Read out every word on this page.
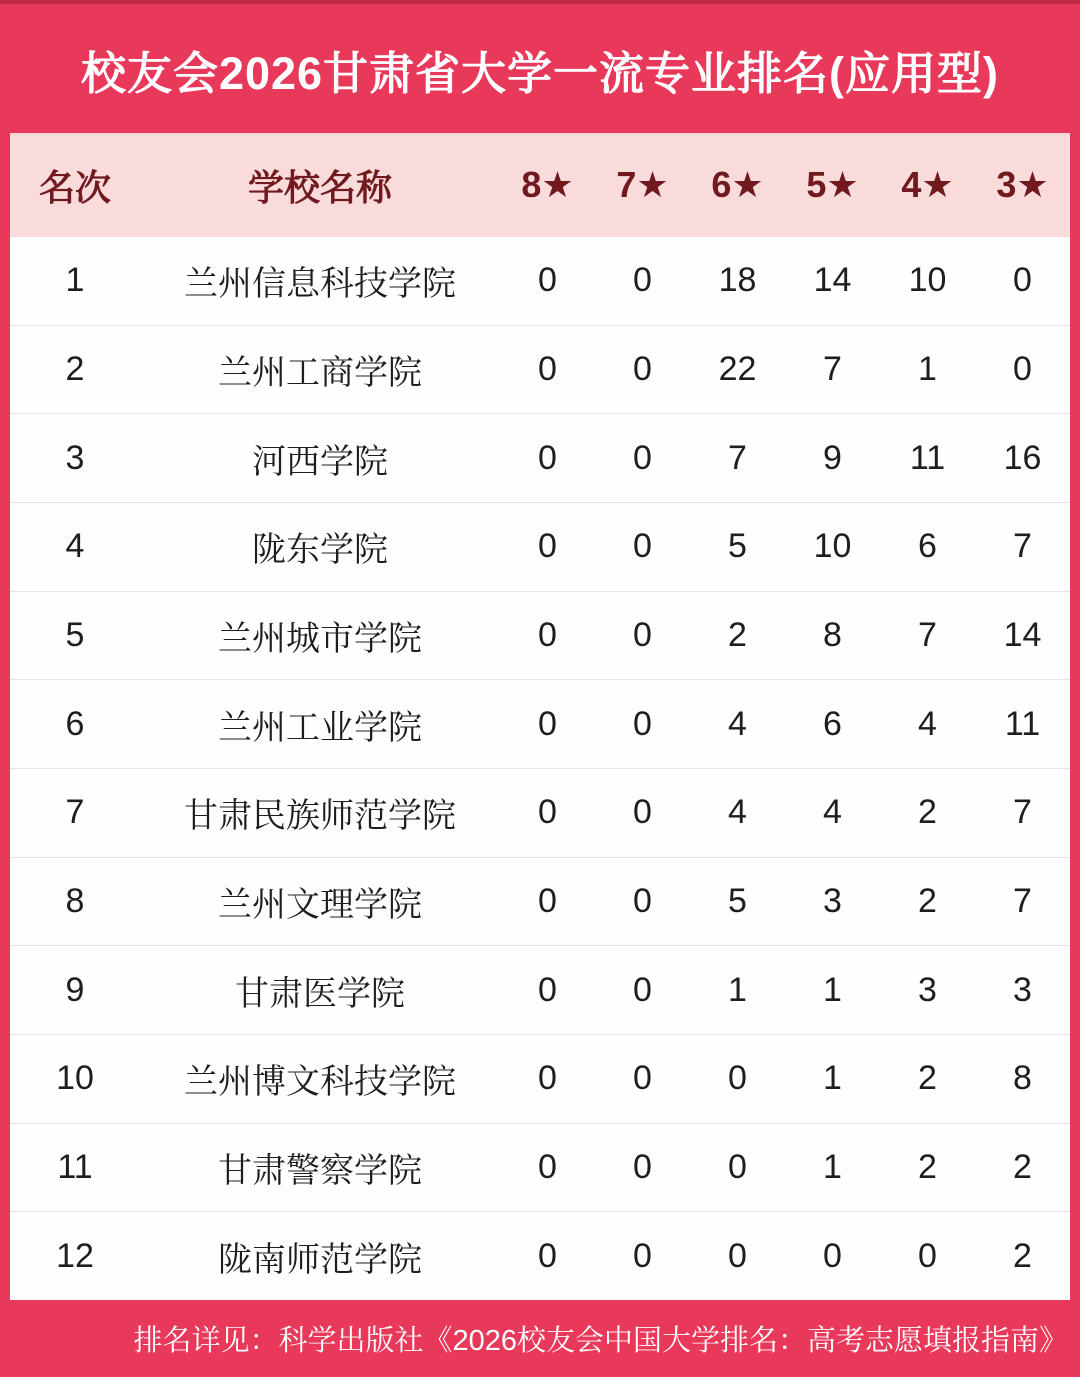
校友会2026甘肃省大学一流专业排名(应用型)
名次	学校名称	8★	7★	6★	5★	4★	3★
1	兰州信息科技学院	0	0	18	14	10	0
2	兰州工商学院	0	0	22	7	1	0
3	河西学院	0	0	7	9	11	16
4	陇东学院	0	0	5	10	6	7
5	兰州城市学院	0	0	2	8	7	14
6	兰州工业学院	0	0	4	6	4	11
7	甘肃民族师范学院	0	0	4	4	2	7
8	兰州文理学院	0	0	5	3	2	7
9	甘肃医学院	0	0	1	1	3	3
10	兰州博文科技学院	0	0	0	1	2	8
11	甘肃警察学院	0	0	0	1	2	2
12	陇南师范学院	0	0	0	0	0	2
排名详见：科学出版社《2026校友会中国大学排名：高考志愿填报指南》
